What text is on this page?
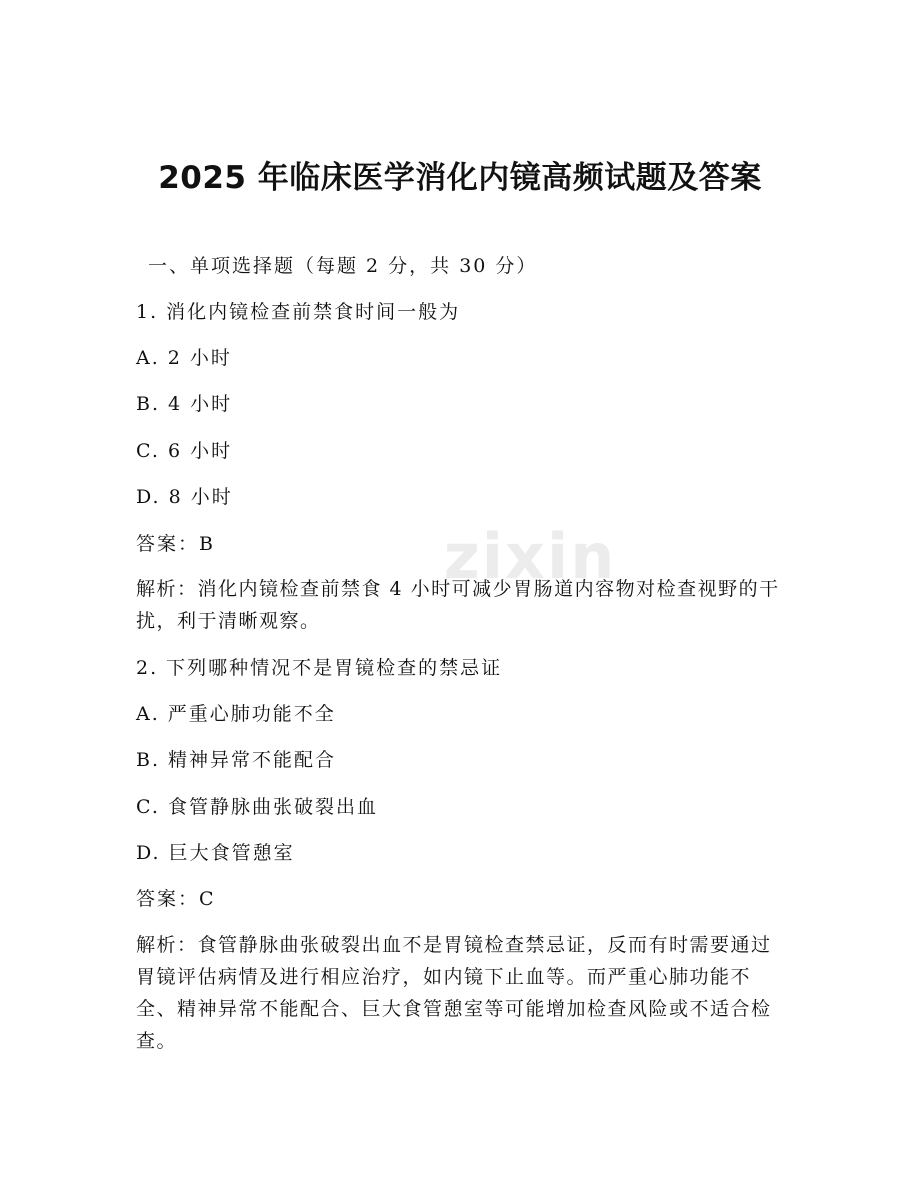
zixin
2025 年临床医学消化内镜高频试题及答案
一、单项选择题（每题 2 分，共 30 分）
1. 消化内镜检查前禁食时间一般为
A. 2 小时
B. 4 小时
C. 6 小时
D. 8 小时
答案：B
解析：消化内镜检查前禁食 4 小时可减少胃肠道内容物对检查视野的干扰，利于清晰观察。
2. 下列哪种情况不是胃镜检查的禁忌证
A. 严重心肺功能不全
B. 精神异常不能配合
C. 食管静脉曲张破裂出血
D. 巨大食管憩室
答案：C
解析：食管静脉曲张破裂出血不是胃镜检查禁忌证，反而有时需要通过胃镜评估病情及进行相应治疗，如内镜下止血等。而严重心肺功能不全、精神异常不能配合、巨大食管憩室等可能增加检查风险或不适合检查。
